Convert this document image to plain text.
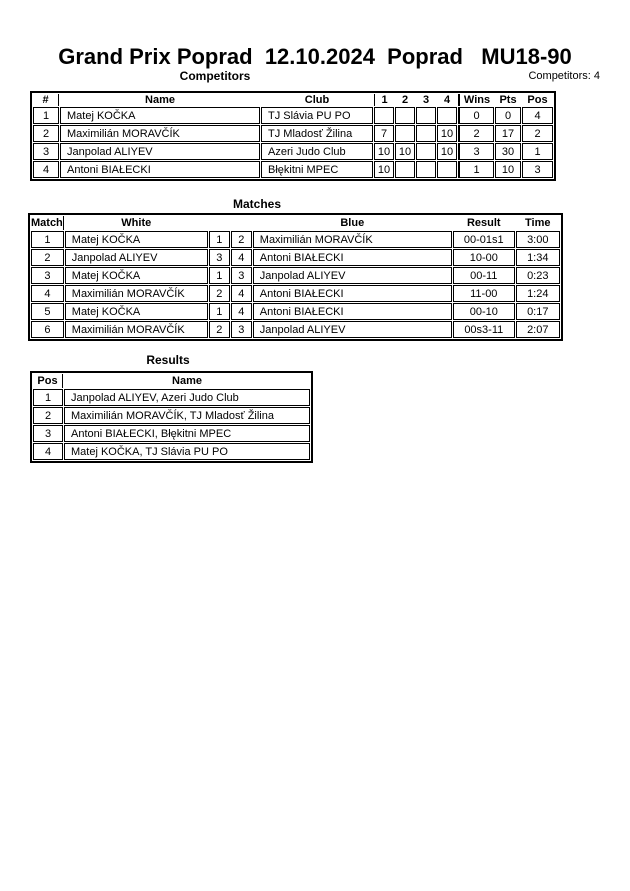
Grand Prix Poprad  12.10.2024  Poprad   MU18-90
Competitors	Competitors: 4
#	Name	Club	1	2	3	4	Wins	Pts	Pos
1	Matej KOČKA	TJ Slávia PU PO					0	0	4
2	Maximilián MORAVČÍK	TJ Mladosť Žilina	7			10	2	17	2
3	Janpolad ALIYEV	Azeri Judo Club	10	10		10	3	30	1
4	Antoni BIAŁECKI	Błękitni MPEC	10				1	10	3
Matches
Match	White			Blue	Result	Time
1	Matej KOČKA	1	2	Maximilián MORAVČÍK	00-01s1	3:00
2	Janpolad ALIYEV	3	4	Antoni BIAŁECKI	10-00	1:34
3	Matej KOČKA	1	3	Janpolad ALIYEV	00-11	0:23
4	Maximilián MORAVČÍK	2	4	Antoni BIAŁECKI	11-00	1:24
5	Matej KOČKA	1	4	Antoni BIAŁECKI	00-10	0:17
6	Maximilián MORAVČÍK	2	3	Janpolad ALIYEV	00s3-11	2:07
Results
Pos	Name
1	Janpolad ALIYEV, Azeri Judo Club
2	Maximilián MORAVČÍK, TJ Mladosť Žilina
3	Antoni BIAŁECKI, Błękitni MPEC
4	Matej KOČKA, TJ Slávia PU PO
